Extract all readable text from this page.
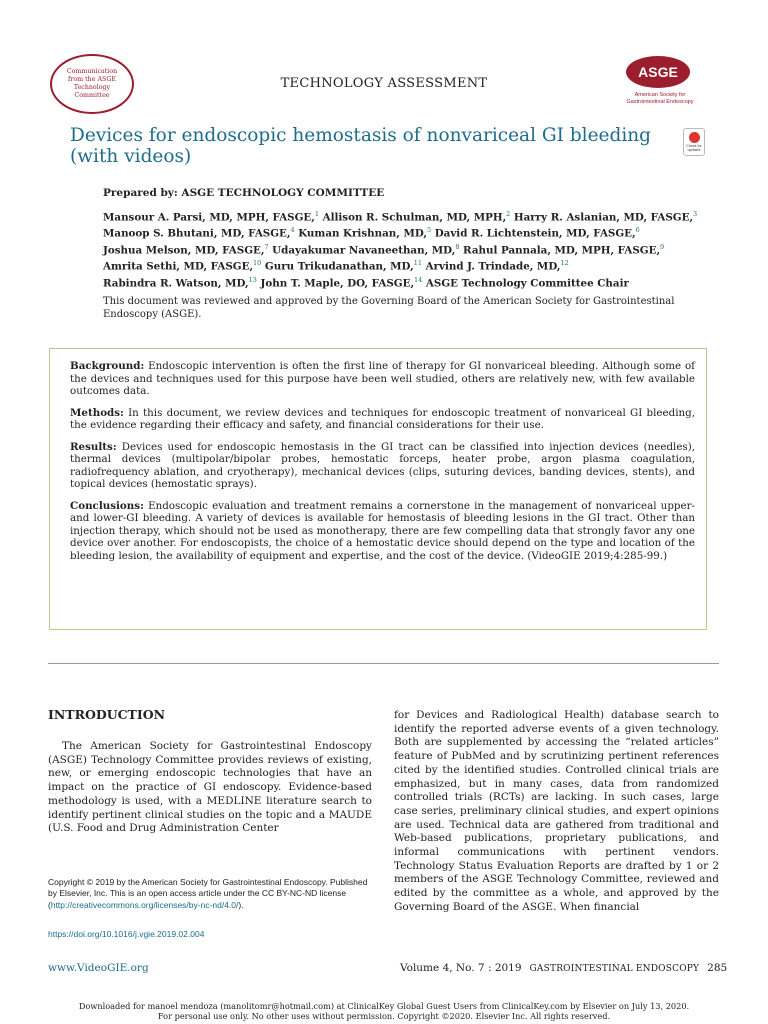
Communication
from the ASGE
Technology
Committee
TECHNOLOGY ASSESSMENT
ASGE
American Society for
Gastrointestinal Endoscopy
Devices for endoscopic hemostasis of nonvariceal GI bleeding
(with videos)	Check for
updates
Prepared by: ASGE TECHNOLOGY COMMITTEE
Mansour A. Parsi, MD, MPH, FASGE,$^1$ Allison R. Schulman, MD, MPH,$^2$ Harry R. Aslanian, MD, FASGE,$^3$
Manoop S. Bhutani, MD, FASGE,$^4$ Kuman Krishnan, MD,$^5$ David R. Lichtenstein, MD, FASGE,$^6$
Joshua Melson, MD, FASGE,$^7$ Udayakumar Navaneethan, MD,$^8$ Rahul Pannala, MD, MPH, FASGE,$^9$
Amrita Sethi, MD, FASGE,$^{10}$ Guru Trikudanathan, MD,$^{11}$ Arvind J. Trindade, MD,$^{12}$
Rabindra R. Watson, MD,$^{13}$ John T. Maple, DO, FASGE,$^{14}$ ASGE Technology Committee Chair
This document was reviewed and approved by the Governing Board of the American Society for Gastrointestinal Endoscopy (ASGE).

Background: Endoscopic intervention is often the first line of therapy for GI nonvariceal bleeding. Although some of the devices and techniques used for this purpose have been well studied, others are relatively new, with few available outcomes data.

Methods: In this document, we review devices and techniques for endoscopic treatment of nonvariceal GI bleeding, the evidence regarding their efficacy and safety, and financial considerations for their use.

Results: Devices used for endoscopic hemostasis in the GI tract can be classified into injection devices (needles), thermal devices (multipolar/bipolar probes, hemostatic forceps, heater probe, argon plasma coagulation, radiofrequency ablation, and cryotherapy), mechanical devices (clips, suturing devices, banding devices, stents), and topical devices (hemostatic sprays).

Conclusions: Endoscopic evaluation and treatment remains a cornerstone in the management of nonvariceal upper- and lower-GI bleeding. A variety of devices is available for hemostasis of bleeding lesions in the GI tract. Other than injection therapy, which should not be used as monotherapy, there are few compelling data that strongly favor any one device over another. For endoscopists, the choice of a hemostatic device should depend on the type and location of the bleeding lesion, the availability of equipment and expertise, and the cost of the device. (VideoGIE 2019;4:285-99.)

INTRODUCTION
The American Society for Gastrointestinal Endoscopy (ASGE) Technology Committee provides reviews of existing, new, or emerging endoscopic technologies that have an impact on the practice of GI endoscopy. Evidence-based methodology is used, with a MEDLINE literature search to identify pertinent clinical studies on the topic and a MAUDE (U.S. Food and Drug Administration Center
for Devices and Radiological Health) database search to identify the reported adverse events of a given technology. Both are supplemented by accessing the “related articles” feature of PubMed and by scrutinizing pertinent references cited by the identified studies. Controlled clinical trials are emphasized, but in many cases, data from randomized controlled trials (RCTs) are lacking. In such cases, large case series, preliminary clinical studies, and expert opinions are used. Technical data are gathered from traditional and Web-based publications, proprietary publications, and informal communications with pertinent vendors. Technology Status Evaluation Reports are drafted by 1 or 2 members of the ASGE Technology Committee, reviewed and edited by the committee as a whole, and approved by the Governing Board of the ASGE. When financial
Copyright © 2019 by the American Society for Gastrointestinal Endoscopy. Published by Elsevier, Inc. This is an open access article under the CC BY-NC-ND license (http://creativecommons.org/licenses/by-nc-nd/4.0/).
https://doi.org/10.1016/j.vgie.2019.02.004
www.VideoGIE.org	Volume 4, No. 7 : 2019 GASTROINTESTINAL ENDOSCOPY 285
Downloaded for manoel mendoza (manolitomr@hotmail.com) at ClinicalKey Global Guest Users from ClinicalKey.com by Elsevier on July 13, 2020.
For personal use only. No other uses without permission. Copyright ©2020. Elsevier Inc. All rights reserved.
